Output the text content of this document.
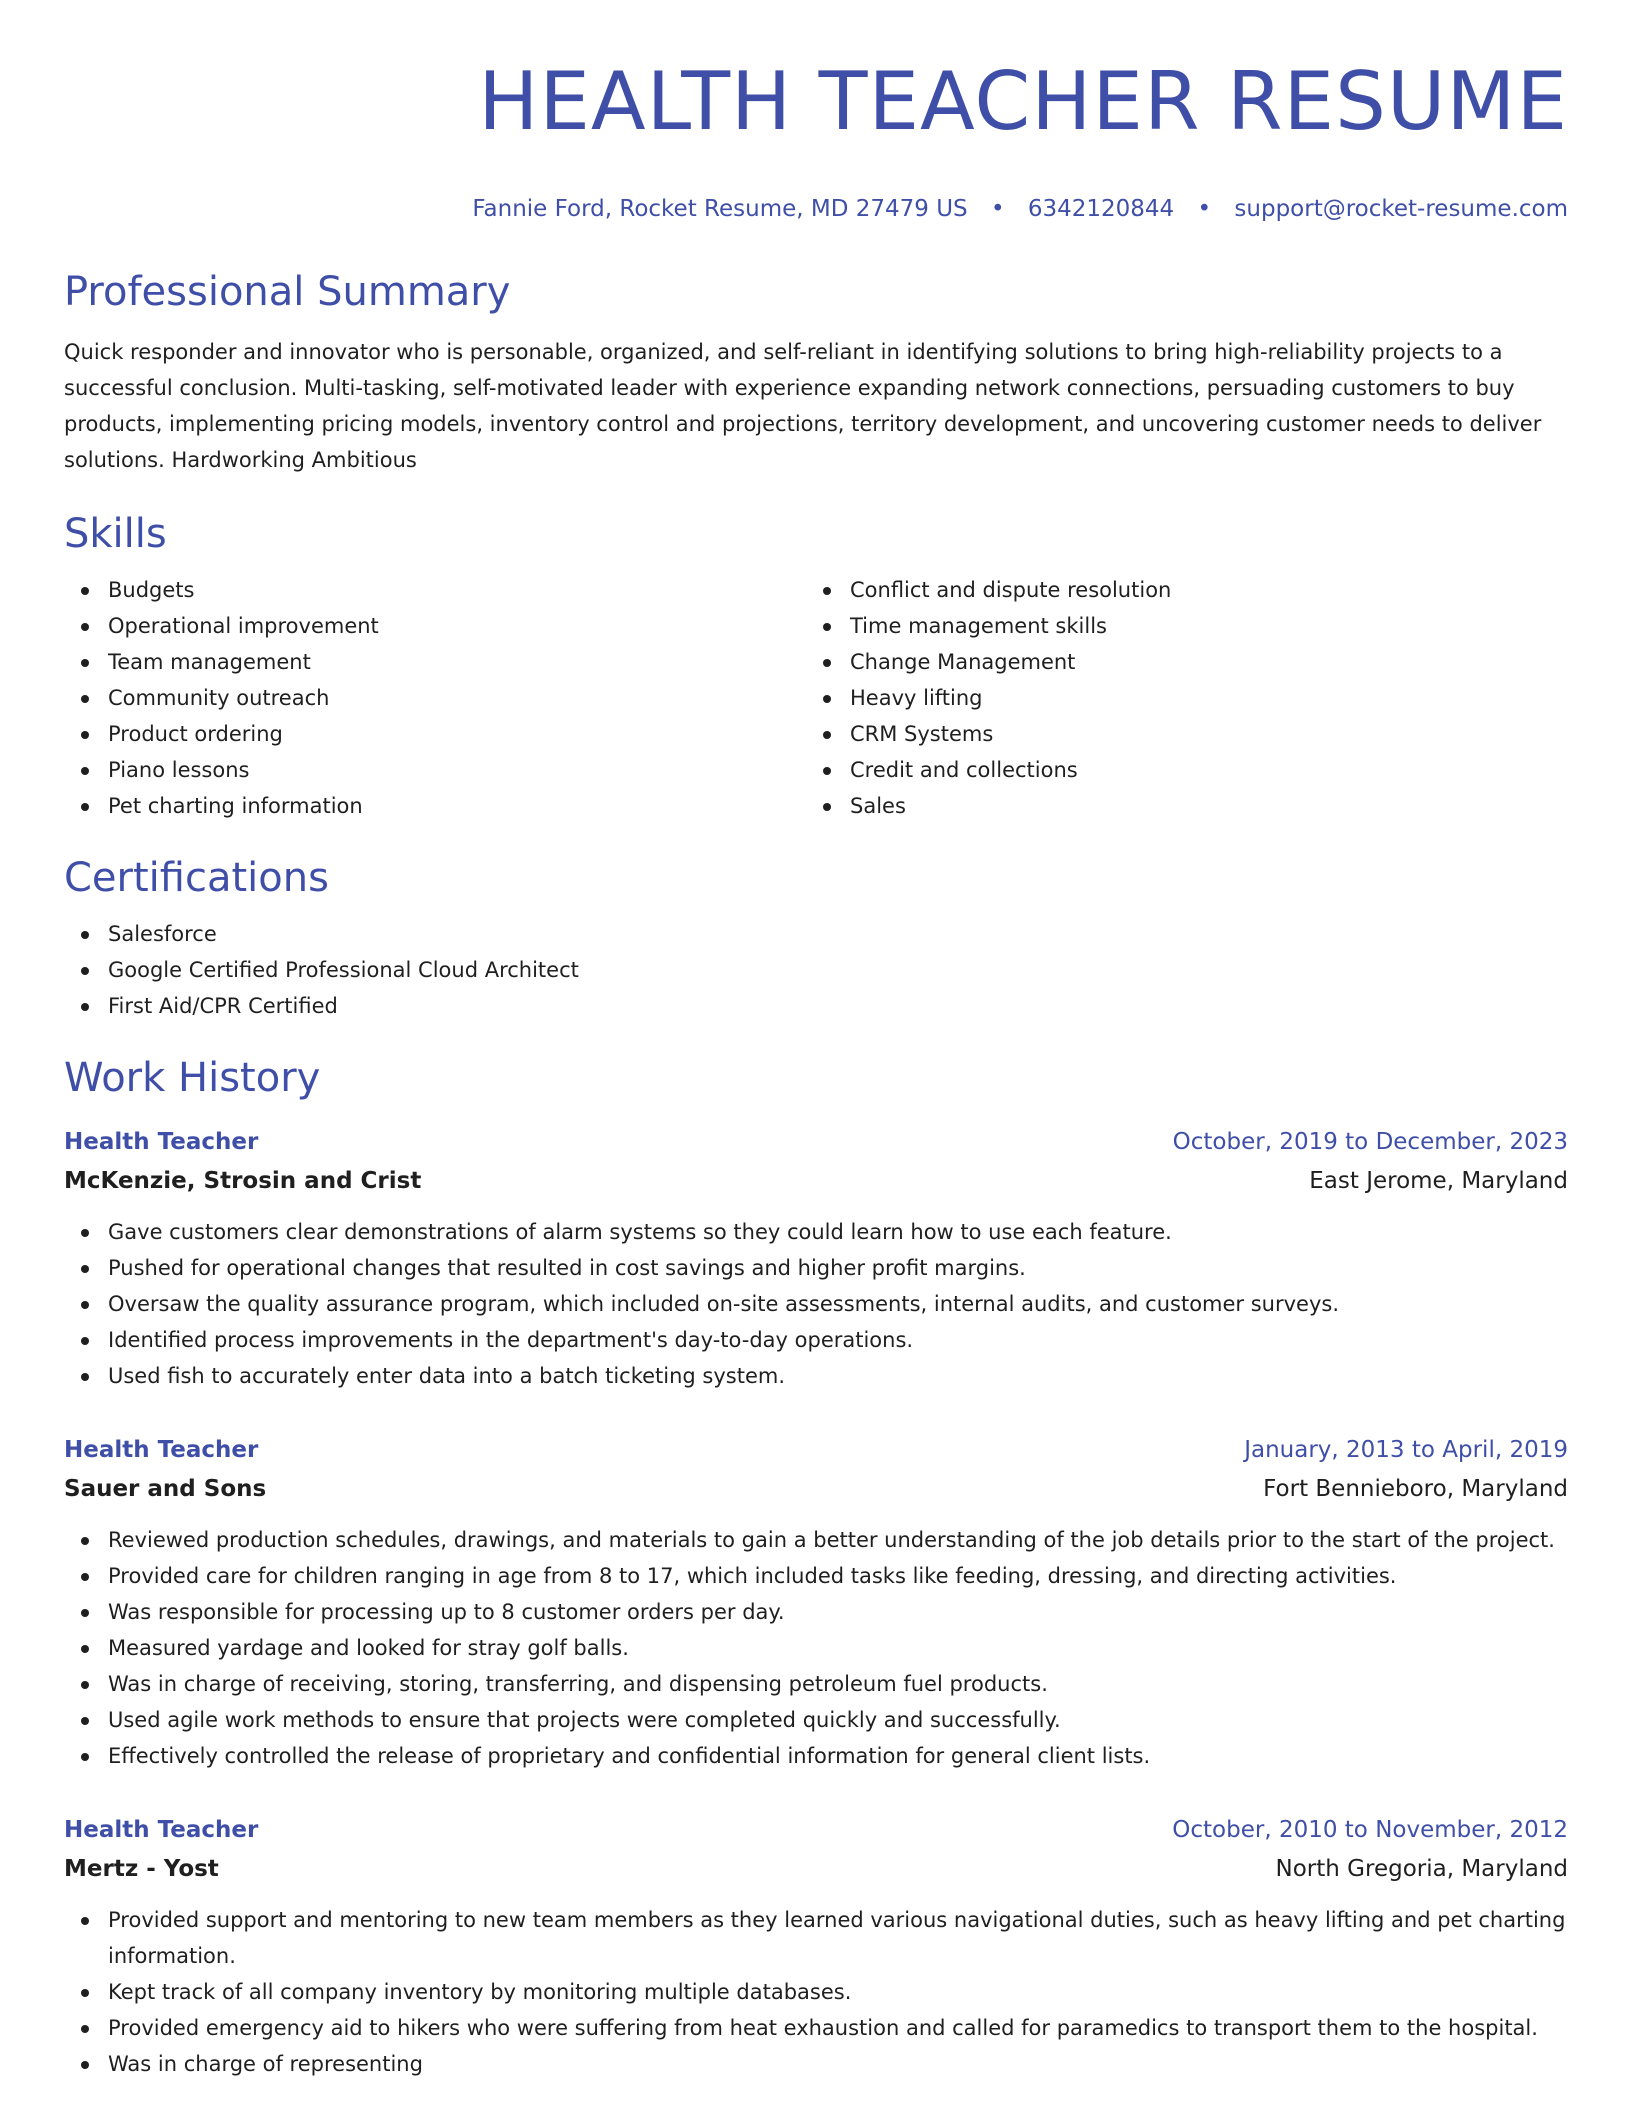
HEALTH TEACHER RESUME
Fannie Ford, Rocket Resume, MD 27479 US • 6342120844 • support@rocket-resume.com
Professional Summary
Quick responder and innovator who is personable, organized, and self-reliant in identifying solutions to bring high-reliability projects to a successful conclusion. Multi-tasking, self-motivated leader with experience expanding network connections, persuading customers to buy products, implementing pricing models, inventory control and projections, territory development, and uncovering customer needs to deliver solutions. Hardworking Ambitious
Skills
Budgets
Operational improvement
Team management
Community outreach
Product ordering
Piano lessons
Pet charting information
Conflict and dispute resolution
Time management skills
Change Management
Heavy lifting
CRM Systems
Credit and collections
Sales
Certifications
Salesforce
Google Certified Professional Cloud Architect
First Aid/CPR Certified
Work History
Health Teacher	October, 2019 to December, 2023
McKenzie, Strosin and Crist	East Jerome, Maryland
Gave customers clear demonstrations of alarm systems so they could learn how to use each feature.
Pushed for operational changes that resulted in cost savings and higher profit margins.
Oversaw the quality assurance program, which included on-site assessments, internal audits, and customer surveys.
Identified process improvements in the department's day-to-day operations.
Used fish to accurately enter data into a batch ticketing system.
Health Teacher	January, 2013 to April, 2019
Sauer and Sons	Fort Bennieboro, Maryland
Reviewed production schedules, drawings, and materials to gain a better understanding of the job details prior to the start of the project.
Provided care for children ranging in age from 8 to 17, which included tasks like feeding, dressing, and directing activities.
Was responsible for processing up to 8 customer orders per day.
Measured yardage and looked for stray golf balls.
Was in charge of receiving, storing, transferring, and dispensing petroleum fuel products.
Used agile work methods to ensure that projects were completed quickly and successfully.
Effectively controlled the release of proprietary and confidential information for general client lists.
Health Teacher	October, 2010 to November, 2012
Mertz - Yost	North Gregoria, Maryland
Provided support and mentoring to new team members as they learned various navigational duties, such as heavy lifting and pet charting information.
Kept track of all company inventory by monitoring multiple databases.
Provided emergency aid to hikers who were suffering from heat exhaustion and called for paramedics to transport them to the hospital.
Was in charge of representing
